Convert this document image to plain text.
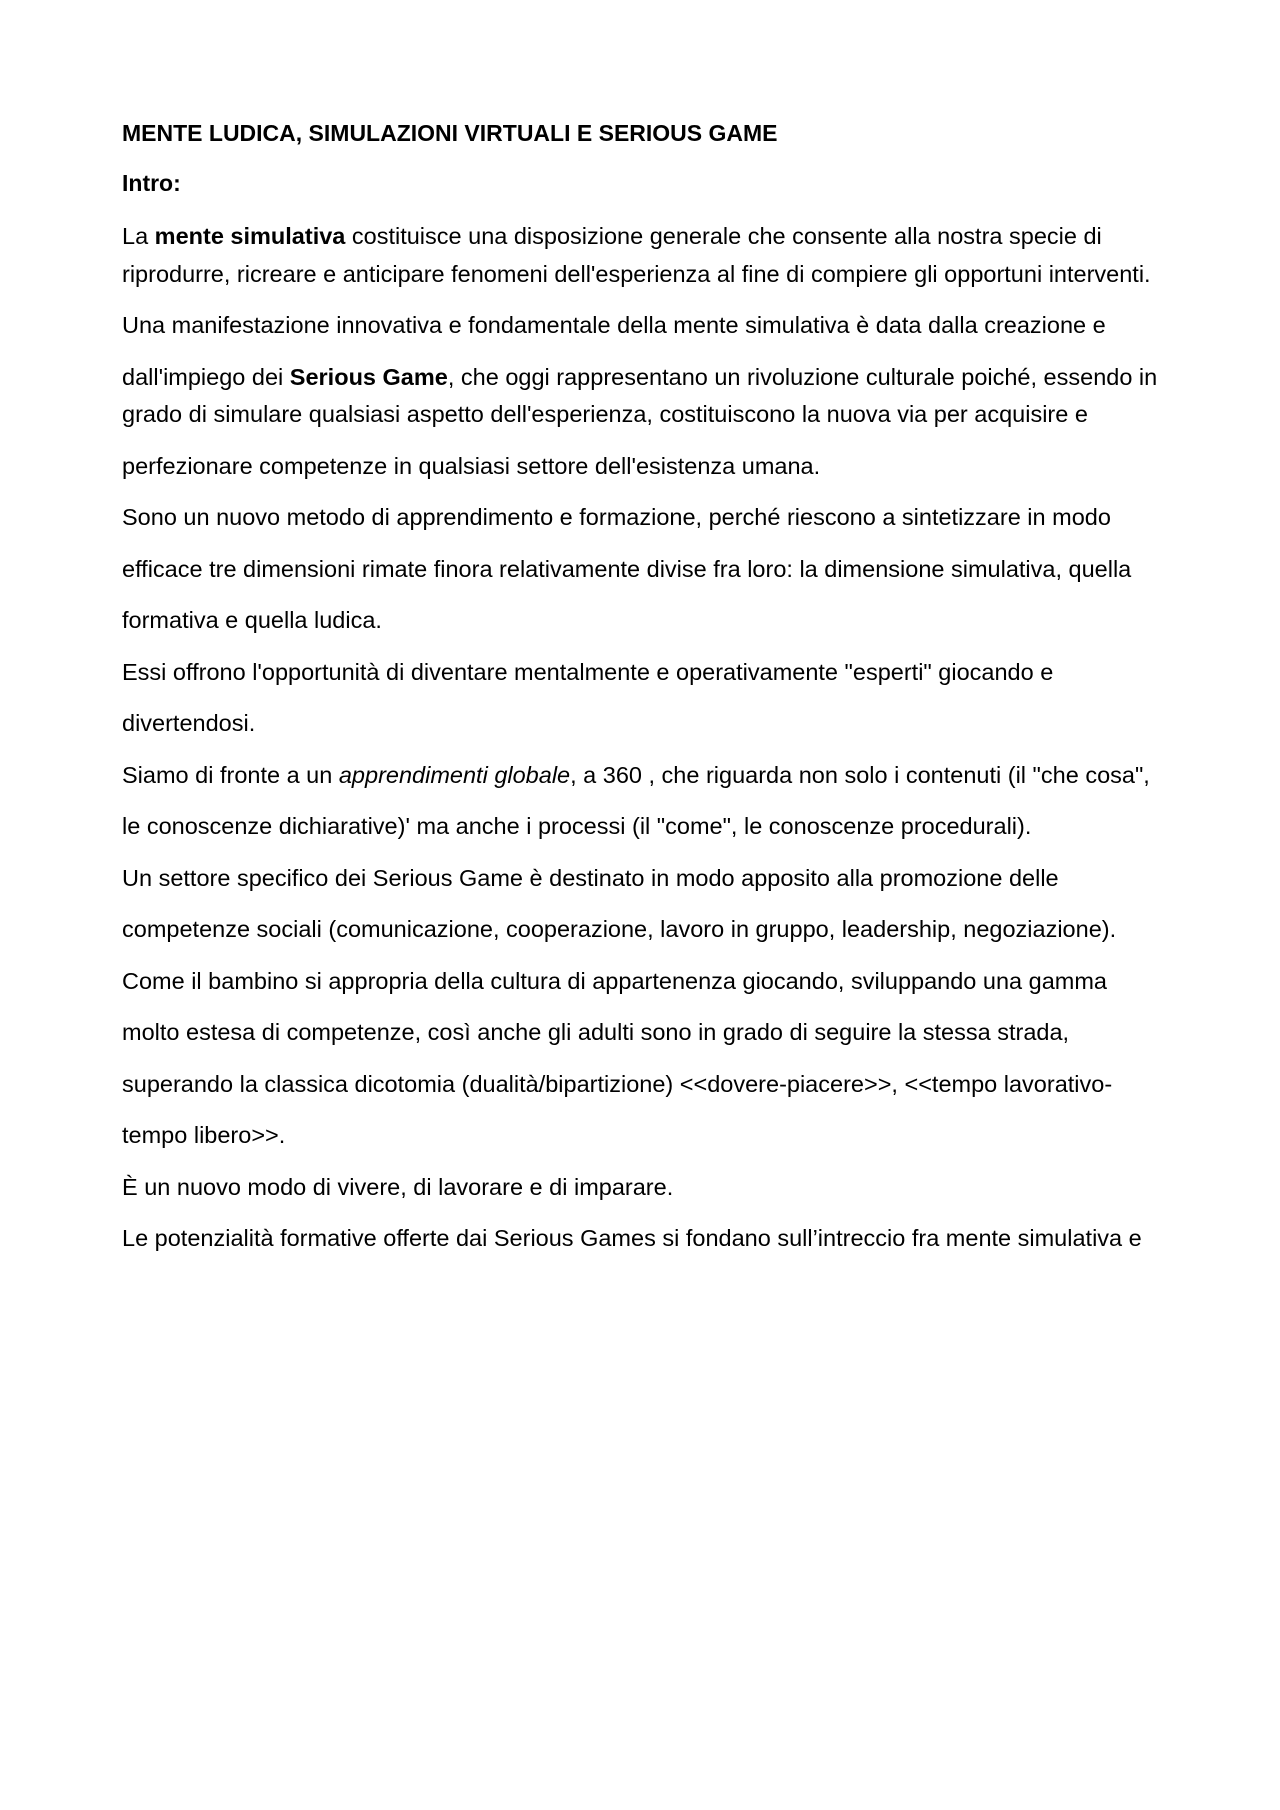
MENTE LUDICA, SIMULAZIONI VIRTUALI E SERIOUS GAME
Intro:

La mente simulativa costituisce una disposizione generale che consente alla nostra specie di riprodurre, ricreare e anticipare fenomeni dell'esperienza al fine di compiere gli opportuni interventi.

Una manifestazione innovativa e fondamentale della mente simulativa è data dalla creazione e

dall'impiego dei Serious Game, che oggi rappresentano un rivoluzione culturale poiché, essendo in grado di simulare qualsiasi aspetto dell'esperienza, costituiscono la nuova via per acquisire e

perfezionare competenze in qualsiasi settore dell'esistenza umana.

Sono un nuovo metodo di apprendimento e formazione, perché riescono a sintetizzare in modo

efficace tre dimensioni rimate finora relativamente divise fra loro: la dimensione simulativa, quella

formativa e quella ludica.

Essi offrono l'opportunità di diventare mentalmente e operativamente "esperti" giocando e

divertendosi.

Siamo di fronte a un apprendimenti globale, a 360 , che riguarda non solo i contenuti (il "che cosa",

le conoscenze dichiarative)' ma anche i processi (il "come", le conoscenze procedurali).

Un settore specifico dei Serious Game è destinato in modo apposito alla promozione delle

competenze sociali (comunicazione, cooperazione, lavoro in gruppo, leadership, negoziazione).

Come il bambino si appropria della cultura di appartenenza giocando, sviluppando una gamma

molto estesa di competenze, così anche gli adulti sono in grado di seguire la stessa strada,

superando la classica dicotomia (dualità/bipartizione) <<dovere-piacere>>, <<tempo lavorativo-

tempo libero>>.

È un nuovo modo di vivere, di lavorare e di imparare.

Le potenzialità formative offerte dai Serious Games si fondano sull’intreccio fra mente simulativa e
